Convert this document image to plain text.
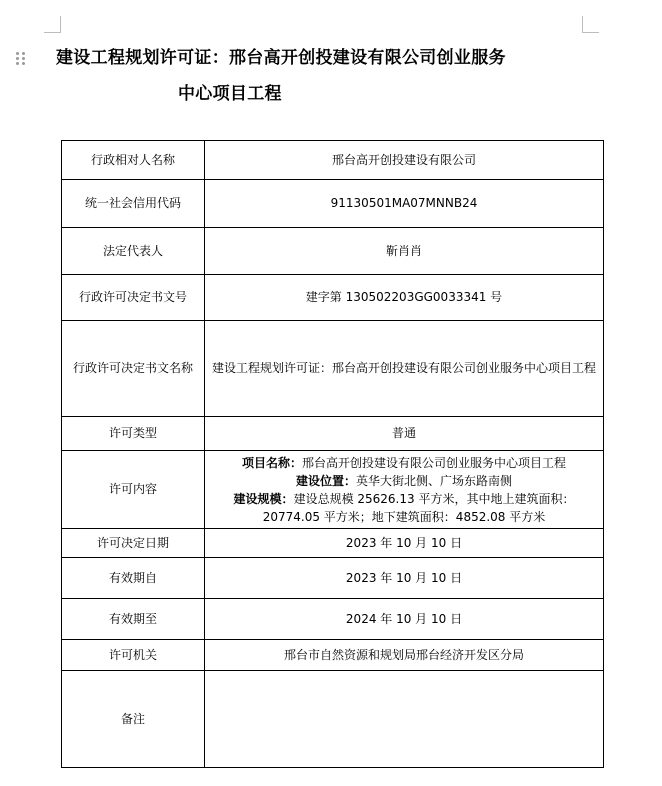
建设工程规划许可证：邢台高开创投建设有限公司创业服务
中心项目工程
行政相对人名称	邢台高开创投建设有限公司
统一社会信用代码	91130501MA07MNNB24
法定代表人	靳肖肖
行政许可决定书文号	建字第 130502203GG0033341 号
行政许可决定书文名称	建设工程规划许可证：邢台高开创投建设有限公司创业服务中心项目工程
许可类型	普通
许可内容	项目名称：邢台高开创投建设有限公司创业服务中心项目工程
建设位置：英华大街北侧、广场东路南侧
建设规模：建设总规模 25626.13 平方米，其中地上建筑面积：
20774.05 平方米；地下建筑面积：4852.08 平方米

许可决定日期	2023 年 10 月 10 日
有效期自	2023 年 10 月 10 日
有效期至	2024 年 10 月 10 日
许可机关	邢台市自然资源和规划局邢台经济开发区分局
备注	
